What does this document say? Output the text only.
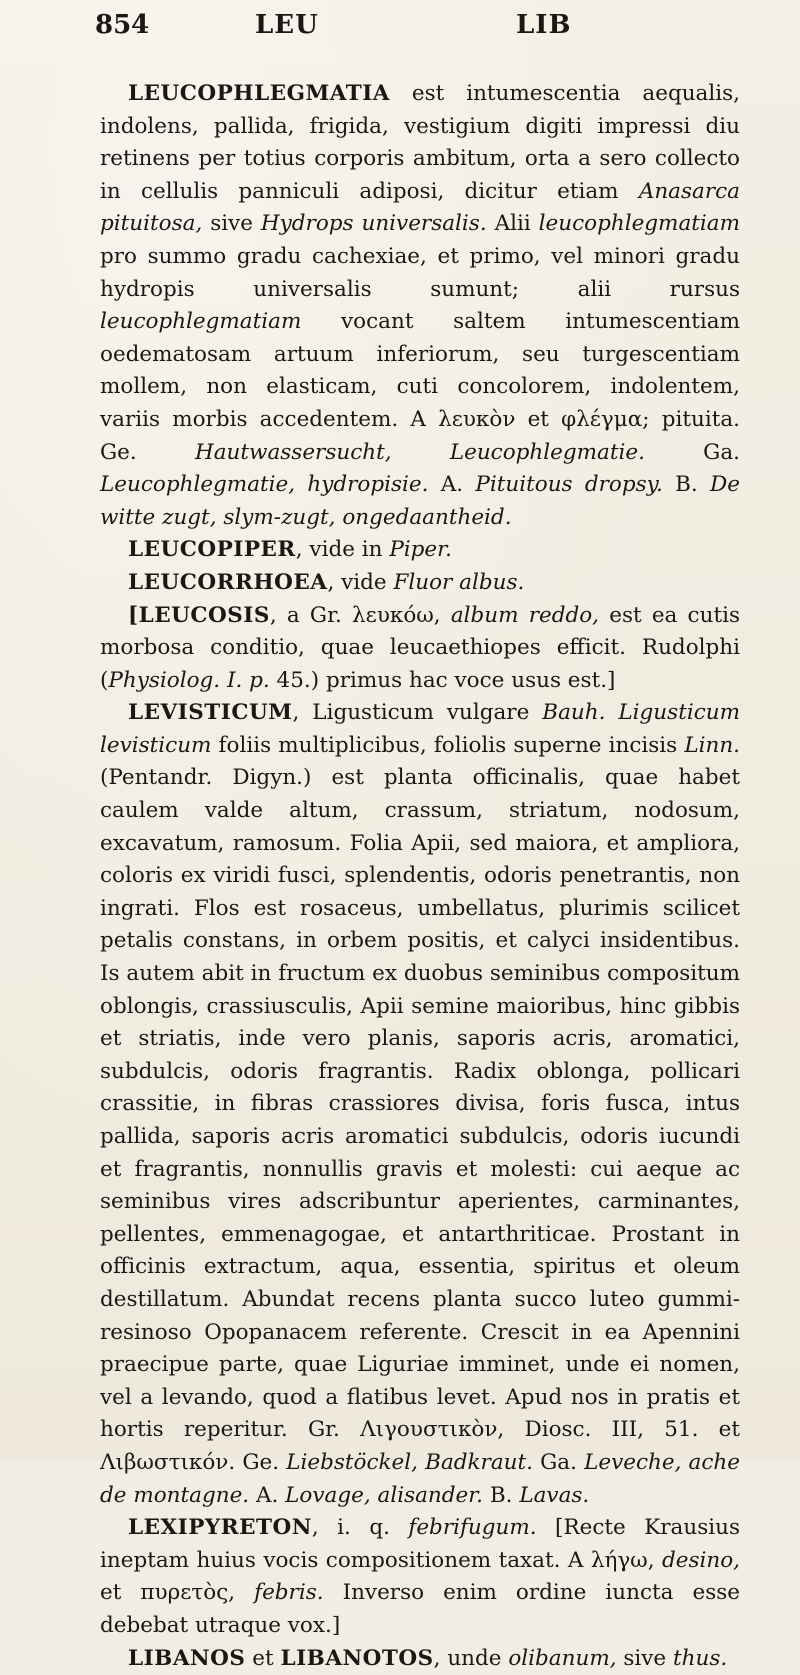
854	LEU	LIB

LEUCOPHLEGMATIA est intumescentia aequalis, indolens, pallida, frigida, vestigium digiti impressi diu retinens per totius corporis ambitum, orta a sero collecto in cellulis panniculi adiposi, dicitur etiam Anasarca pituitosa, sive Hydrops universalis. Alii leucophlegmatiam pro summo gradu cachexiae, et primo, vel minori gradu hydropis universalis sumunt; alii rursus leucophlegmatiam vocant saltem intumescentiam oedematosam artuum inferiorum, seu turgescentiam mollem, non elasticam, cuti concolorem, indolentem, variis morbis accedentem. A λευκὸν et φλέγμα; pituita. Ge. Hautwassersucht, Leucophlegmatie. Ga. Leucophlegmatie, hydropisie. A. Pituitous dropsy. B. De witte zugt, slym-zugt, ongedaantheid.

LEUCOPIPER, vide in Piper.

LEUCORRHOEA, vide Fluor albus.

[LEUCOSIS, a Gr. λευκόω, album reddo, est ea cutis morbosa conditio, quae leucaethiopes efficit. Rudolphi (Physiolog. I. p. 45.) primus hac voce usus est.]

LEVISTICUM, Ligusticum vulgare Bauh. Ligusticum levisticum foliis multiplicibus, foliolis superne incisis Linn. (Pentandr. Digyn.) est planta officinalis, quae habet caulem valde altum, crassum, striatum, nodosum, excavatum, ramosum. Folia Apii, sed maiora, et ampliora, coloris ex viridi fusci, splendentis, odoris penetrantis, non ingrati. Flos est rosaceus, umbellatus, plurimis scilicet petalis constans, in orbem positis, et calyci insidentibus. Is autem abit in fructum ex duobus seminibus compositum oblongis, crassiusculis, Apii semine maioribus, hinc gibbis et striatis, inde vero planis, saporis acris, aromatici, subdulcis, odoris fragrantis. Radix oblonga, pollicari crassitie, in fibras crassiores divisa, foris fusca, intus pallida, saporis acris aromatici subdulcis, odoris iucundi et fragrantis, nonnullis gravis et molesti: cui aeque ac seminibus vires adscribuntur aperientes, carminantes, pellentes, emmenagogae, et antarthriticae. Prostant in officinis extractum, aqua, essentia, spiritus et oleum destillatum. Abundat recens planta succo luteo gummi-resinoso Opopanacem referente. Crescit in ea Apennini praecipue parte, quae Liguriae imminet, unde ei nomen, vel a levando, quod a flatibus levet. Apud nos in pratis et hortis reperitur. Gr. Λιγουστικὸν, Diosc. III, 51. et Λιβωστικόν. Ge. Liebstöckel, Badkraut. Ga. Leveche, ache de montagne. A. Lovage, alisander. B. Lavas.

LEXIPYRETON, i. q. febrifugum. [Recte Krausius ineptam huius vocis compositionem taxat. A λήγω, desino, et πυρετὸς, febris. Inverso enim ordine iuncta esse debebat utraque vox.]

LIBANOS et LIBANOTOS, unde olibanum, sive thus.
